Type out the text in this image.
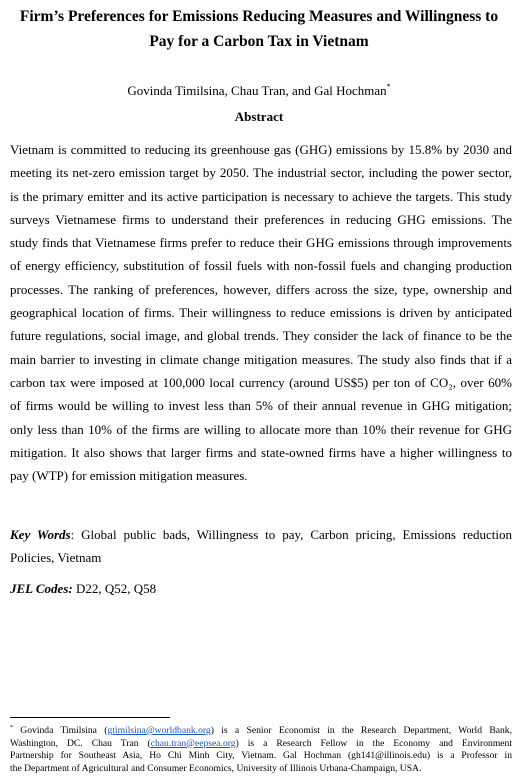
Firm’s Preferences for Emissions Reducing Measures and Willingness to
Pay for a Carbon Tax in Vietnam
Govinda Timilsina, Chau Tran, and Gal Hochman*
Abstract
Vietnam is committed to reducing its greenhouse gas (GHG) emissions by 15.8% by 2030 and
meeting its net-zero emission target by 2050. The industrial sector, including the power sector,
is the primary emitter and its active participation is necessary to achieve the targets. This study
surveys Vietnamese firms to understand their preferences in reducing GHG emissions. The
study finds that Vietnamese firms prefer to reduce their GHG emissions through improvements
of energy efficiency, substitution of fossil fuels with non-fossil fuels and changing production
processes. The ranking of preferences, however, differs across the size, type, ownership and
geographical location of firms. Their willingness to reduce emissions is driven by anticipated
future regulations, social image, and global trends. They consider the lack of finance to be the
main barrier to investing in climate change mitigation measures. The study also finds that if a
carbon tax were imposed at 100,000 local currency (around US$5) per ton of CO₂, over 60%
of firms would be willing to invest less than 5% of their annual revenue in GHG mitigation;
only less than 10% of the firms are willing to allocate more than 10% their revenue for GHG
mitigation. It also shows that larger firms and state-owned firms have a higher willingness to
pay (WTP) for emission mitigation measures.
Key Words: Global public bads, Willingness to pay, Carbon pricing, Emissions reduction
Policies, Vietnam
JEL Codes: D22, Q52, Q58
* Govinda Timilsina (gtimilsina@worldbank.org) is a Senior Economist in the Research Department, World Bank,
Washington, DC. Chau Tran (chau.tran@eepsea.org) is a Research Fellow in the Economy and Environment
Partnership for Southeast Asia, Ho Chi Minh City, Vietnam. Gal Hochman (gh141@illinois.edu) is a Professor in
the Department of Agricultural and Consumer Economics, University of Illinois Urbana-Champaign, USA.
